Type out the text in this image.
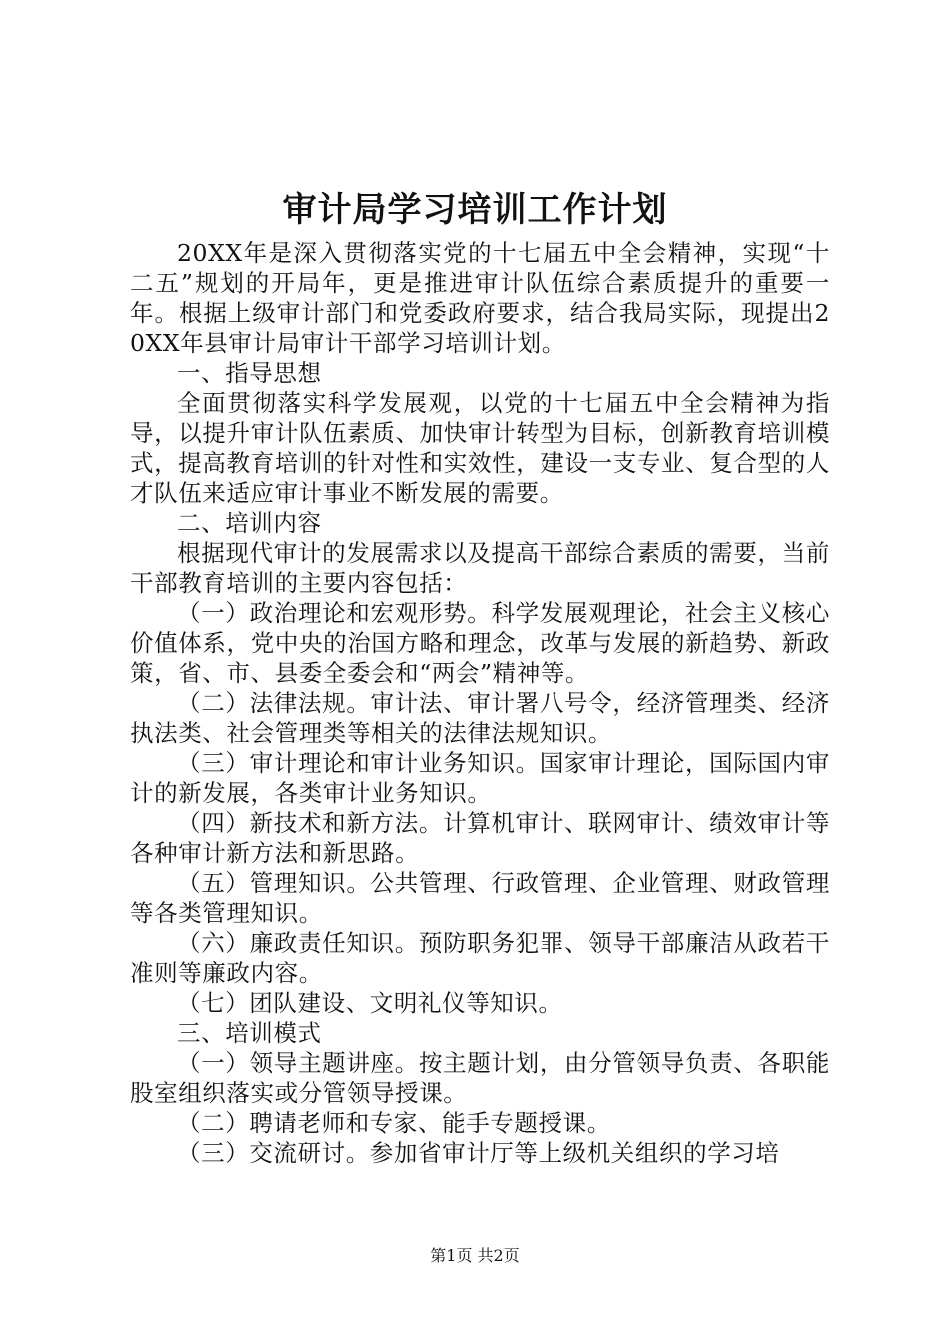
审计局学习培训工作计划

20XX年是深入贯彻落实党的十七届五中全会精神，实现“十二五”规划的开局年，更是推进审计队伍综合素质提升的重要一年。根据上级审计部门和党委政府要求，结合我局实际，现提出20XX年县审计局审计干部学习培训计划。

一、指导思想

全面贯彻落实科学发展观，以党的十七届五中全会精神为指导，以提升审计队伍素质、加快审计转型为目标，创新教育培训模式，提高教育培训的针对性和实效性，建设一支专业、复合型的人才队伍来适应审计事业不断发展的需要。

二、培训内容

根据现代审计的发展需求以及提高干部综合素质的需要，当前干部教育培训的主要内容包括：

（一）政治理论和宏观形势。科学发展观理论，社会主义核心价值体系，党中央的治国方略和理念，改革与发展的新趋势、新政策，省、市、县委全委会和“两会”精神等。

（二）法律法规。审计法、审计署八号令，经济管理类、经济执法类、社会管理类等相关的法律法规知识。

（三）审计理论和审计业务知识。国家审计理论，国际国内审计的新发展，各类审计业务知识。

（四）新技术和新方法。计算机审计、联网审计、绩效审计等各种审计新方法和新思路。

（五）管理知识。公共管理、行政管理、企业管理、财政管理等各类管理知识。

（六）廉政责任知识。预防职务犯罪、领导干部廉洁从政若干准则等廉政内容。

（七）团队建设、文明礼仪等知识。

三、培训模式

（一）领导主题讲座。按主题计划，由分管领导负责、各职能股室组织落实或分管领导授课。

（二）聘请老师和专家、能手专题授课。

（三）交流研讨。参加省审计厅等上级机关组织的学习培

第1页 共2页
